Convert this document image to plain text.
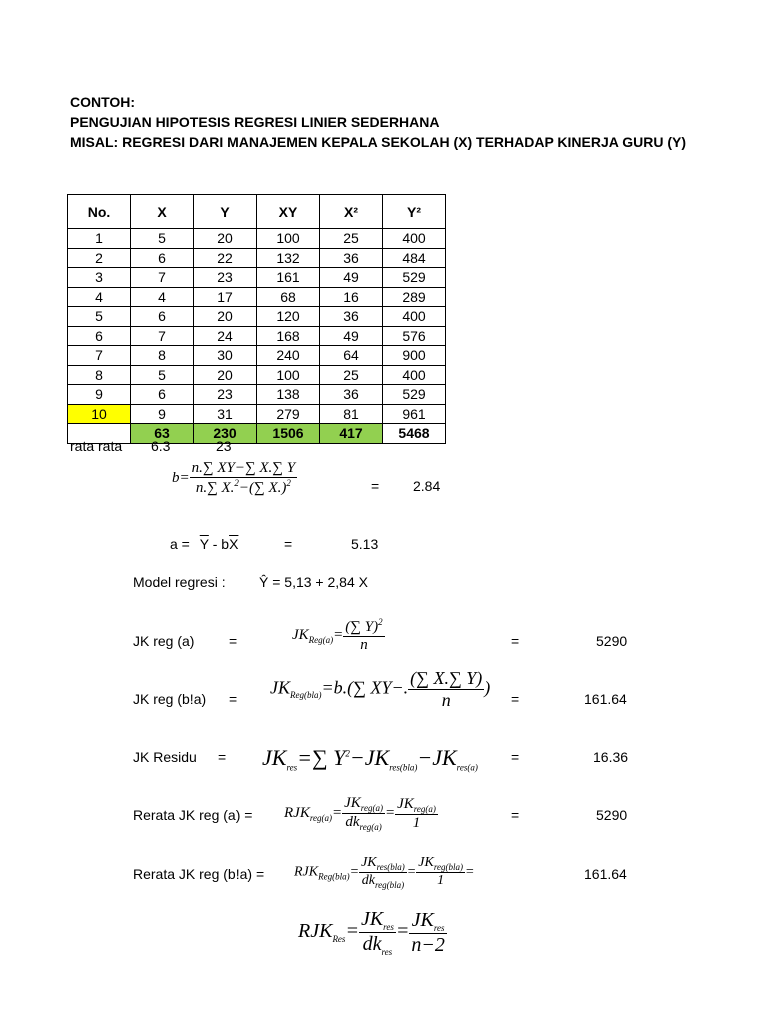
CONTOH:
PENGUJIAN HIPOTESIS REGRESI LINIER SEDERHANA
MISAL: REGRESI DARI MANAJEMEN KEPALA SEKOLAH (X) TERHADAP KINERJA GURU (Y)
No.	X	Y	XY	X²	Y²
1	5	20	100	25	400
2	6	22	132	36	484
3	7	23	161	49	529
4	4	17	68	16	289
5	6	20	120	36	400
6	7	24	168	49	576
7	8	30	240	64	900
8	5	20	100	25	400
9	6	23	138	36	529
10	9	31	279	81	961
	63	230	1506	417	5468
rata rata 6.3	23
$b= \frac{n.\sum XY-\sum X.\sum Y}{n.\sum X.^2-(\sum X.)^2}$	= 2.84
$a = \overline{Y} - b\overline{X}$	=	5.13
Model regresi : Ŷ = 5,13 + 2,84 X
JK reg (a) =	$JK_{Reg(a)}= \frac{(\sum Y)^2}{n}$	=	5290
JK reg (b!a) =
$JK_{Reg(bla)}=b.(\sum$ XY−. $\frac{(\sum X.\sum Y)}{n}$ )
=	161.64
JK Residu = $JK_{res}=\sum$ $Y^2-JK_{res(bla)}-JK_{res(a)}$
=	16.36
Rerata JK reg $(a) = RJK_{reg(a)}= \frac{JK_{reg(a)}}{dk_{reg(a)}} = \frac{JK_{reg(a)}}{1}$	=	5290
Rerata JK reg $(b!a) = RJK_{Reg(bla)}= \frac{JK_{res(bla)}}{dk_{reg(bla)}} = \frac{JK_{reg(bla)}}{1}$ =	161.64
$RJK_{Res}= \frac{JK_{res}}{dk_{res}} = \frac{JK_{res}}{n-2}$
